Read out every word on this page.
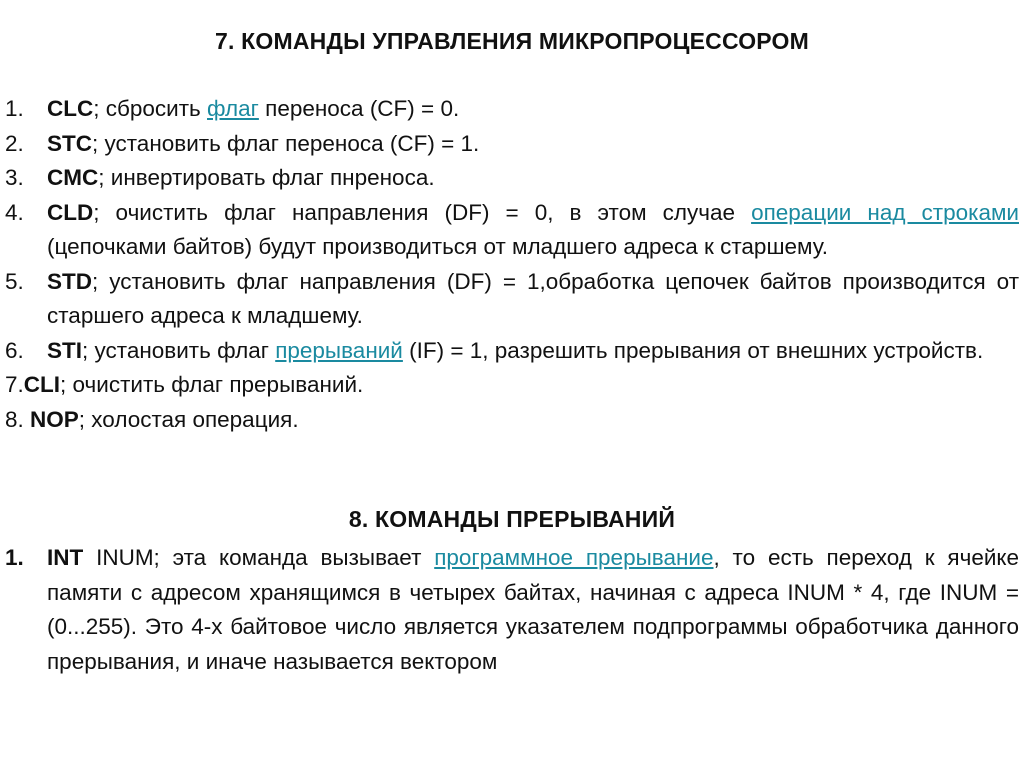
7. КОМАНДЫ УПРАВЛЕНИЯ МИКРОПРОЦЕССОРОМ
1. CLC; сбросить флаг переноса (CF) = 0.
2. STC; установить флаг переноса (CF) = 1.
3. CMC; инвертировать флаг пнреноса.
4. CLD; очистить флаг направления (DF) = 0, в этом случае операции над строками (цепочками байтов) будут производиться от младшего адреса к старшему.
5. STD; установить флаг направления (DF) = 1,обработка цепочек байтов производится от старшего адреса к младшему.
6. STI; установить флаг прерываний (IF) = 1, разрешить прерывания от внешних устройств.
7.CLI; очистить флаг прерываний.
8. NOP; холостая операция.
8. КОМАНДЫ ПРЕРЫВАНИЙ
1. INT INUM; эта команда вызывает программное прерывание, то есть переход к ячейке памяти с адресом хранящимся в четырех байтах, начиная с адреса INUM * 4, где INUM = (0...255). Это 4-х байтовое число является указателем подпрограммы обработчика данного прерывания, и иначе называется вектором
